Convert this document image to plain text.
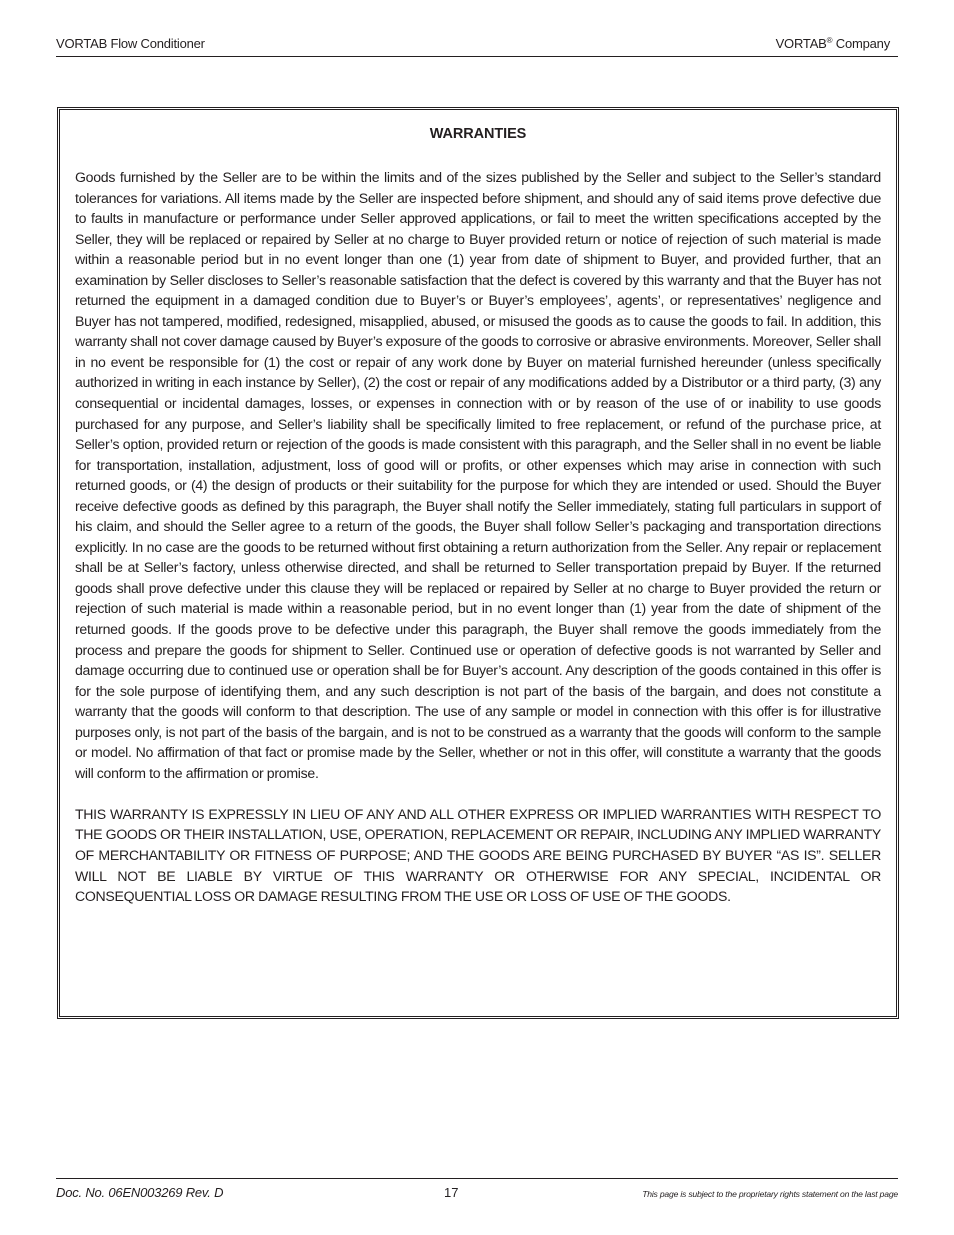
VORTAB Flow Conditioner	VORTAB® Company
WARRANTIES

Goods furnished by the Seller are to be within the limits and of the sizes published by the Seller and subject to the Seller’s standard tolerances for variations. All items made by the Seller are inspected before shipment, and should any of said items prove defective due to faults in manufacture or performance under Seller approved applications, or fail to meet the written specifications accepted by the Seller, they will be replaced or repaired by Seller at no charge to Buyer provided return or notice of rejection of such material is made within a reasonable period but in no event longer than one (1) year from date of shipment to Buyer, and provided further, that an examination by Seller discloses to Seller’s reasonable satisfaction that the defect is covered by this warranty and that the Buyer has not returned the equipment in a damaged condition due to Buyer’s or Buyer’s employees’, agents’, or representatives’ negligence and Buyer has not tampered, modified, redesigned, misapplied, abused, or misused the goods as to cause the goods to fail. In addition, this warranty shall not cover damage caused by Buyer’s exposure of the goods to corrosive or abrasive environments. Moreover, Seller shall in no event be responsible for (1) the cost or repair of any work done by Buyer on material furnished hereunder (unless specifically authorized in writing in each instance by Seller), (2) the cost or repair of any modifications added by a Distributor or a third party, (3) any consequential or incidental damages, losses, or expenses in connection with or by reason of the use of or inability to use goods purchased for any purpose, and Seller’s liability shall be specifically limited to free replacement, or refund of the purchase price, at Seller’s option, provided return or rejection of the goods is made consistent with this paragraph, and the Seller shall in no event be liable for transportation, installation, adjustment, loss of good will or profits, or other expenses which may arise in connection with such returned goods, or (4) the design of products or their suitability for the purpose for which they are intended or used. Should the Buyer receive defective goods as defined by this paragraph, the Buyer shall notify the Seller immediately, stating full particulars in support of his claim, and should the Seller agree to a return of the goods, the Buyer shall follow Seller’s packaging and transportation directions explicitly. In no case are the goods to be returned without first obtaining a return authorization from the Seller. Any repair or replacement shall be at Seller’s factory, unless otherwise directed, and shall be returned to Seller transportation prepaid by Buyer. If the returned goods shall prove defective under this clause they will be replaced or repaired by Seller at no charge to Buyer provided the return or rejection of such material is made within a reasonable period, but in no event longer than (1) year from the date of shipment of the returned goods. If the goods prove to be defective under this paragraph, the Buyer shall remove the goods immediately from the process and prepare the goods for shipment to Seller. Continued use or operation of defective goods is not warranted by Seller and damage occurring due to continued use or operation shall be for Buyer’s account. Any description of the goods contained in this offer is for the sole purpose of identifying them, and any such description is not part of the basis of the bargain, and does not constitute a warranty that the goods will conform to that description. The use of any sample or model in connection with this offer is for illustrative purposes only, is not part of the basis of the bargain, and is not to be construed as a warranty that the goods will conform to the sample or model. No affirmation of that fact or promise made by the Seller, whether or not in this offer, will constitute a warranty that the goods will conform to the affirmation or promise.

THIS WARRANTY IS EXPRESSLY IN LIEU OF ANY AND ALL OTHER EXPRESS OR IMPLIED WARRANTIES WITH RESPECT TO THE GOODS OR THEIR INSTALLATION, USE, OPERATION, REPLACEMENT OR REPAIR, INCLUDING ANY IMPLIED WARRANTY OF MERCHANTABILITY OR FITNESS OF PURPOSE; AND THE GOODS ARE BEING PURCHASED BY BUYER “AS IS”. SELLER WILL NOT BE LIABLE BY VIRTUE OF THIS WARRANTY OR OTHERWISE FOR ANY SPECIAL, INCIDENTAL OR CONSEQUENTIAL LOSS OR DAMAGE RESULTING FROM THE USE OR LOSS OF USE OF THE GOODS.

Doc. No. 06EN003269 Rev. D	17	This page is subject to the proprietary rights statement on the last page
